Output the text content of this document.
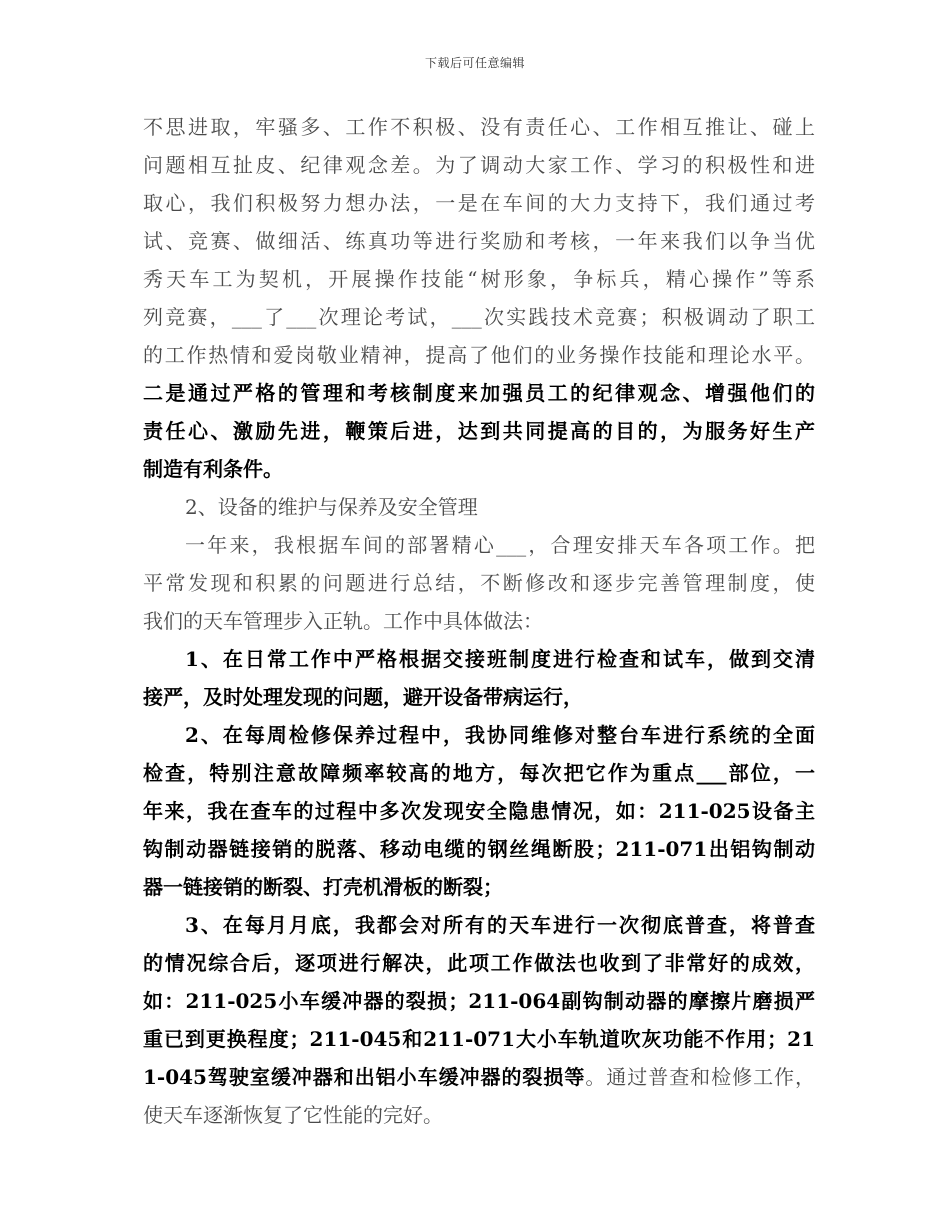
下载后可任意编辑
不思进取，牢骚多、工作不积极、没有责任心、工作相互推让、碰上
问题相互扯皮、纪律观念差。为了调动大家工作、学习的积极性和进
取心，我们积极努力想办法，一是在车间的大力支持下，我们通过考
试、竞赛、做细活、练真功等进行奖励和考核，一年来我们以争当优
秀天车工为契机，开展操作技能“树形象，争标兵，精心操作”等系
列竞赛，___了___次理论考试，___次实践技术竞赛；积极调动了职工
的工作热情和爱岗敬业精神，提高了他们的业务操作技能和理论水平。
二是通过严格的管理和考核制度来加强员工的纪律观念、增强他们的
责任心、激励先进，鞭策后进，达到共同提高的目的，为服务好生产
制造有利条件。
2、设备的维护与保养及安全管理
一年来，我根据车间的部署精心___，合理安排天车各项工作。把
平常发现和积累的问题进行总结，不断修改和逐步完善管理制度，使
我们的天车管理步入正轨。工作中具体做法：
1、在日常工作中严格根据交接班制度进行检查和试车，做到交清
接严，及时处理发现的问题，避开设备带病运行，
2、在每周检修保养过程中，我协同维修对整台车进行系统的全面
检查，特别注意故障频率较高的地方，每次把它作为重点___部位，一
年来，我在查车的过程中多次发现安全隐患情况，如：211-025设备主
钩制动器链接销的脱落、移动电缆的钢丝绳断股；211-071出铝钩制动
器一链接销的断裂、打壳机滑板的断裂；
3、在每月月底，我都会对所有的天车进行一次彻底普查，将普查
的情况综合后，逐项进行解决，此项工作做法也收到了非常好的成效，
如：211-025小车缓冲器的裂损；211-064副钩制动器的摩擦片磨损严
重已到更换程度；211-045和211-071大小车轨道吹灰功能不作用；21
1-045驾驶室缓冲器和出铝小车缓冲器的裂损等。通过普查和检修工作，
使天车逐渐恢复了它性能的完好。
